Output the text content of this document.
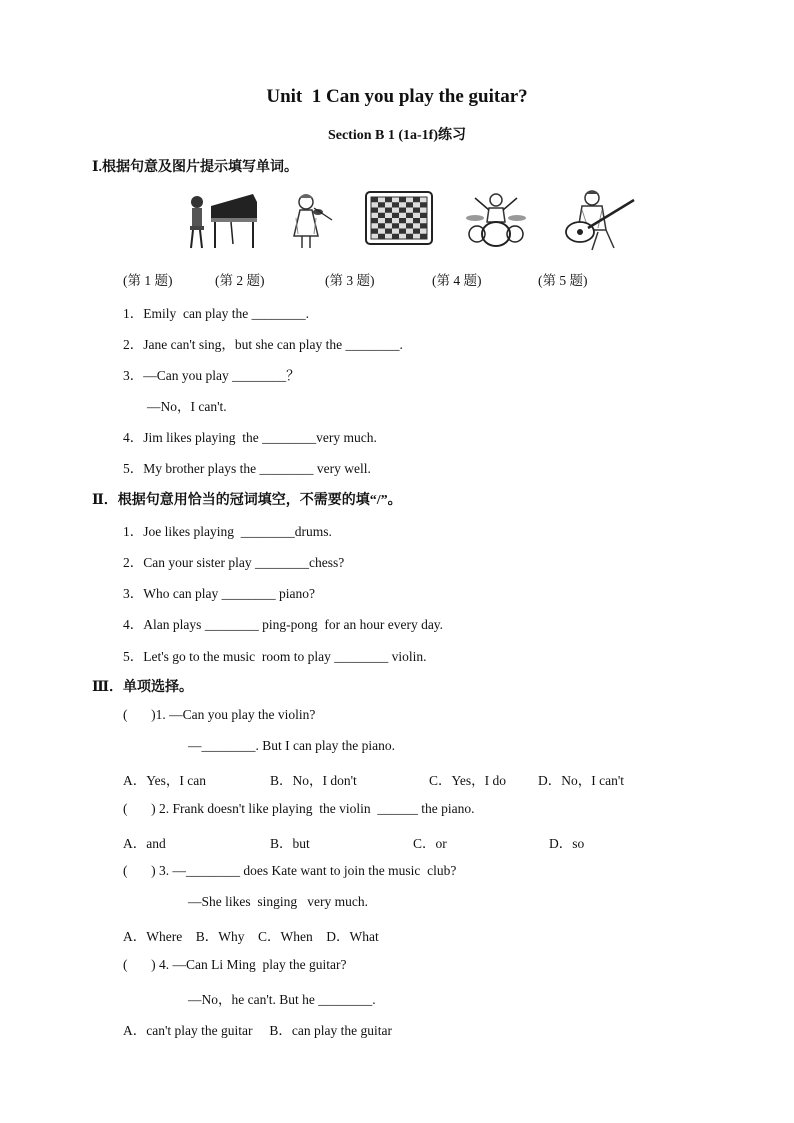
Unit  1 Can you play the guitar?
Section B 1 (1a-1f)练习
Ⅰ.根据句意及图片提示填写单词。
(第 1 题)	(第 2 题)	(第 3 题)	(第 4 题)	(第 5 题)
1．Emily  can play the ________.
2．Jane can't sing，but she can play the ________.
3．—Can you play ________？
—No，I can't.
4．Jim likes playing  the ________very much.
5．My brother plays the ________ very well.
Ⅱ．根据句意用恰当的冠词填空，不需要的填“/”。
1．Joe likes playing  ________drums.
2．Can your sister play ________chess?
3．Who can play ________ piano?
4．Alan plays ________ ping-pong  for an hour every day.
5．Let's go to the music  room to play ________ violin.
Ⅲ．单项选择。
(       )1. —Can you play the violin?
—________. But I can play the piano.
A．Yes，I can	B．No，I don't	C．Yes，I do D．No，I can't
(       ) 2. Frank doesn't like playing  the violin  ______ the piano.
A．and	B．but	C．or	D．so
(       ) 3. —________ does Kate want to join the music  club?
—She likes  singing   very much.
A．Where    B．Why    C．When    D．What
(       ) 4. —Can Li Ming  play the guitar?
—No，he can't. But he ________.
A．can't play the guitar     B．can play the guitar
